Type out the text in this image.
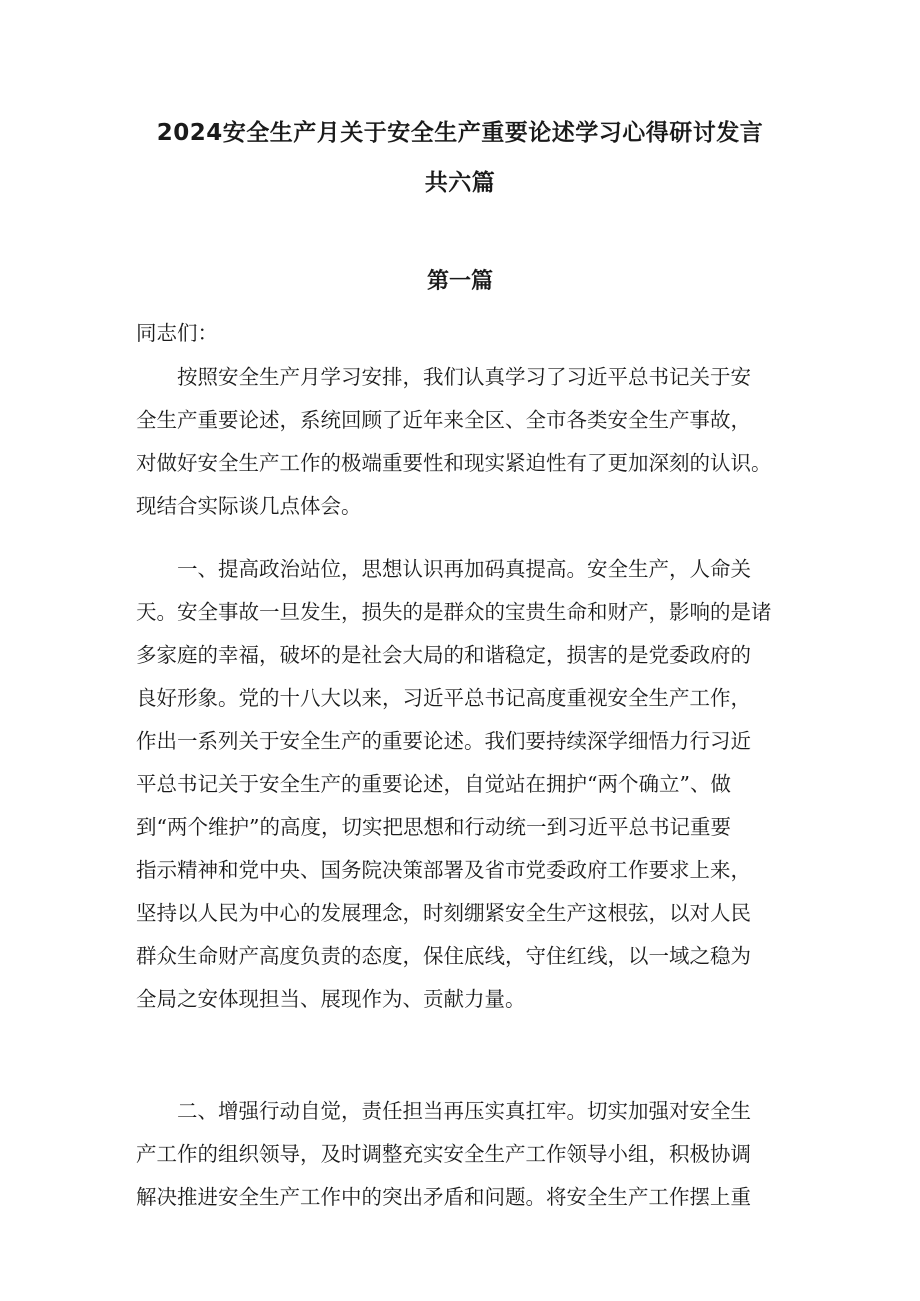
2024安全生产月关于安全生产重要论述学习心得研讨发言
共六篇
第一篇
同志们：
　　按照安全生产月学习安排，我们认真学习了习近平总书记关于安
全生产重要论述，系统回顾了近年来全区、全市各类安全生产事故，
对做好安全生产工作的极端重要性和现实紧迫性有了更加深刻的认识。
现结合实际谈几点体会。
　　一、提高政治站位，思想认识再加码真提高。安全生产，人命关
天。安全事故一旦发生，损失的是群众的宝贵生命和财产，影响的是诸
多家庭的幸福，破坏的是社会大局的和谐稳定，损害的是党委政府的
良好形象。党的十八大以来，习近平总书记高度重视安全生产工作，
作出一系列关于安全生产的重要论述。我们要持续深学细悟力行习近
平总书记关于安全生产的重要论述，自觉站在拥护“两个确立”、做
到“两个维护”的高度，切实把思想和行动统一到习近平总书记重要
指示精神和党中央、国务院决策部署及省市党委政府工作要求上来，
坚持以人民为中心的发展理念，时刻绷紧安全生产这根弦，以对人民
群众生命财产高度负责的态度，保住底线，守住红线，以一域之稳为
全局之安体现担当、展现作为、贡献力量。
　　二、增强行动自觉，责任担当再压实真扛牢。切实加强对安全生
产工作的组织领导，及时调整充实安全生产工作领导小组，积极协调
解决推进安全生产工作中的突出矛盾和问题。将安全生产工作摆上重
